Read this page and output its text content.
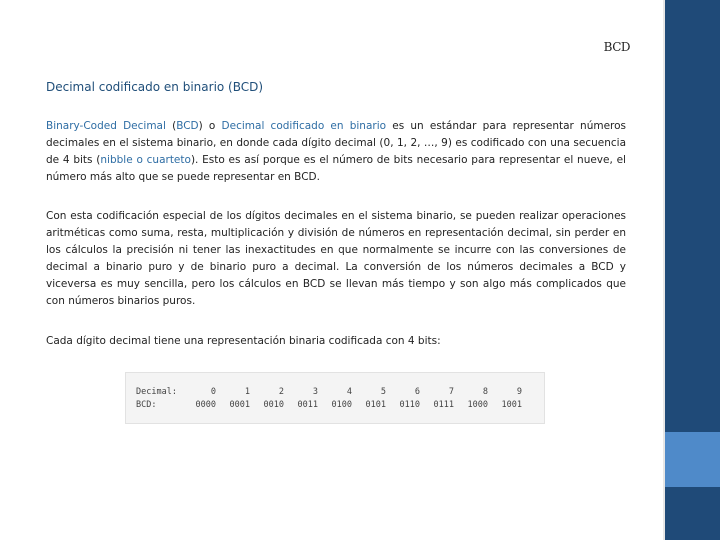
BCD
Decimal codificado en binario (BCD)

Binary-Coded Decimal (BCD) o Decimal codificado en binario es un estándar para representar números decimales en el sistema binario, en donde cada dígito decimal (0, 1, 2, …, 9) es codificado con una secuencia de 4 bits (nibble o cuarteto). Esto es así porque es el número de bits necesario para representar el nueve, el número más alto que se puede representar en BCD.

Con esta codificación especial de los dígitos decimales en el sistema binario, se pueden realizar operaciones aritméticas como suma, resta, multiplicación y división de números en representación decimal, sin perder en los cálculos la precisión ni tener las inexactitudes en que normalmente se incurre con las conversiones de decimal a binario puro y de binario puro a decimal. La conversión de los números decimales a BCD y viceversa es muy sencilla, pero los cálculos en BCD se llevan más tiempo y son algo más complicados que con números binarios puros.

Cada dígito decimal tiene una representación binaria codificada con 4 bits:

Decimal:	0	1	2	3	4	5	6	7	8	9
BCD:	0000	0001	0010	0011	0100	0101	0110	0111	1000	1001
